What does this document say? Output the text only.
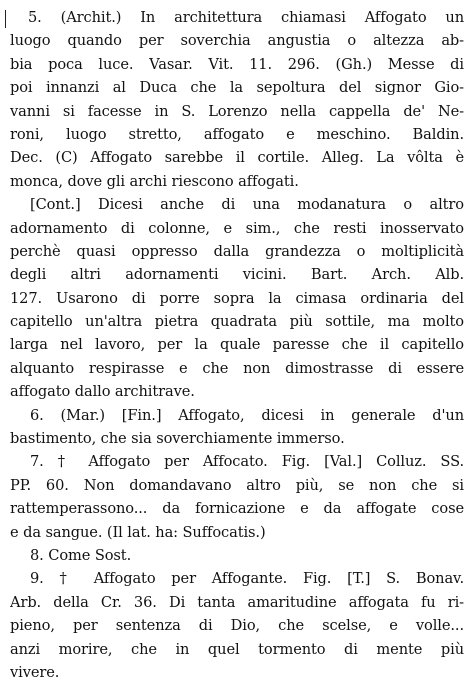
5. (Archit.) In architettura chiamasi Affogato un
luogo quando per soverchia angustia o altezza ab-
bia poca luce. Vasar. Vit. 11. 296. (Gh.) Messe di
poi innanzi al Duca che la sepoltura del signor Gio-
vanni si facesse in S. Lorenzo nella cappella de' Ne-
roni, luogo stretto, affogato e meschino. Baldin.
Dec. (C) Affogato sarebbe il cortile. Alleg. La vôlta è
monca, dove gli archi riescono affogati.
[Cont.] Dicesi anche di una modanatura o altro
adornamento di colonne, e sim., che resti inosservato
perchè quasi oppresso dalla grandezza o moltiplicità
degli altri adornamenti vicini. Bart. Arch. Alb.
127. Usarono di porre sopra la cimasa ordinaria del
capitello un'altra pietra quadrata più sottile, ma molto
larga nel lavoro, per la quale paresse che il capitello
alquanto respirasse e che non dimostrasse di essere
affogato dallo architrave.
6. (Mar.) [Fin.] Affogato, dicesi in generale d'un
bastimento, che sia soverchiamente immerso.
7. † Affogato per Affocato. Fig. [Val.] Colluz. SS.
PP. 60. Non domandavano altro più, se non che si
rattemperassono... da fornicazione e da affogate cose
e da sangue. (Il lat. ha: Suffocatis.)
8. Come Sost.
9. † Affogato per Affogante. Fig. [T.] S. Bonav.
Arb. della Cr. 36. Di tanta amaritudine affogata fu ri-
pieno, per sentenza di Dio, che scelse, e volle...
anzi morire, che in quel tormento di mente più
vivere.
